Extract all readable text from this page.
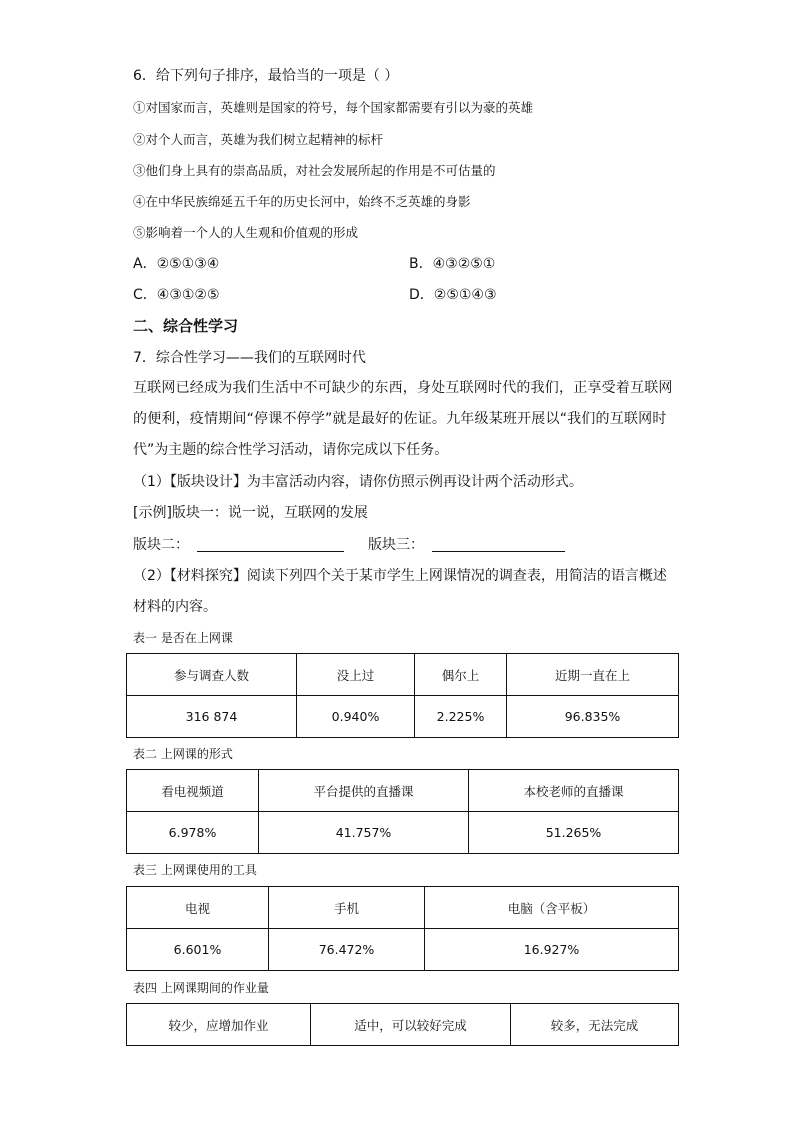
6．给下列句子排序，最恰当的一项是（ ）
①对国家而言，英雄则是国家的符号，每个国家都需要有引以为豪的英雄
②对个人而言，英雄为我们树立起精神的标杆
③他们身上具有的崇高品质，对社会发展所起的作用是不可估量的
④在中华民族绵延五千年的历史长河中，始终不乏英雄的身影
⑤影响着一个人的人生观和价值观的形成
A．②⑤①③④	B．④③②⑤①
C．④③①②⑤	D．②⑤①④③
二、综合性学习
7．综合性学习——我们的互联网时代
互联网已经成为我们生活中不可缺少的东西，身处互联网时代的我们，正享受着互联网
的便利，疫情期间“停课不停学”就是最好的佐证。九年级某班开展以“我们的互联网时
代”为主题的综合性学习活动，请你完成以下任务。
（1）【版块设计】为丰富活动内容，请你仿照示例再设计两个活动形式。
[示例]版块一：说一说，互联网的发展
版块二：	版块三：
（2）【材料探究】阅读下列四个关于某市学生上网课情况的调查表，用简洁的语言概述
材料的内容。
表一 是否在上网课
参与调查人数	没上过	偶尔上	近期一直在上
316 874	0.940%	2.225%	96.835%
表二 上网课的形式
看电视频道	平台提供的直播课	本校老师的直播课
6.978%	41.757%	51.265%
表三 上网课使用的工具
电视	手机	电脑（含平板）
6.601%	76.472%	16.927%
表四 上网课期间的作业量
较少，应增加作业	适中，可以较好完成	较多，无法完成
